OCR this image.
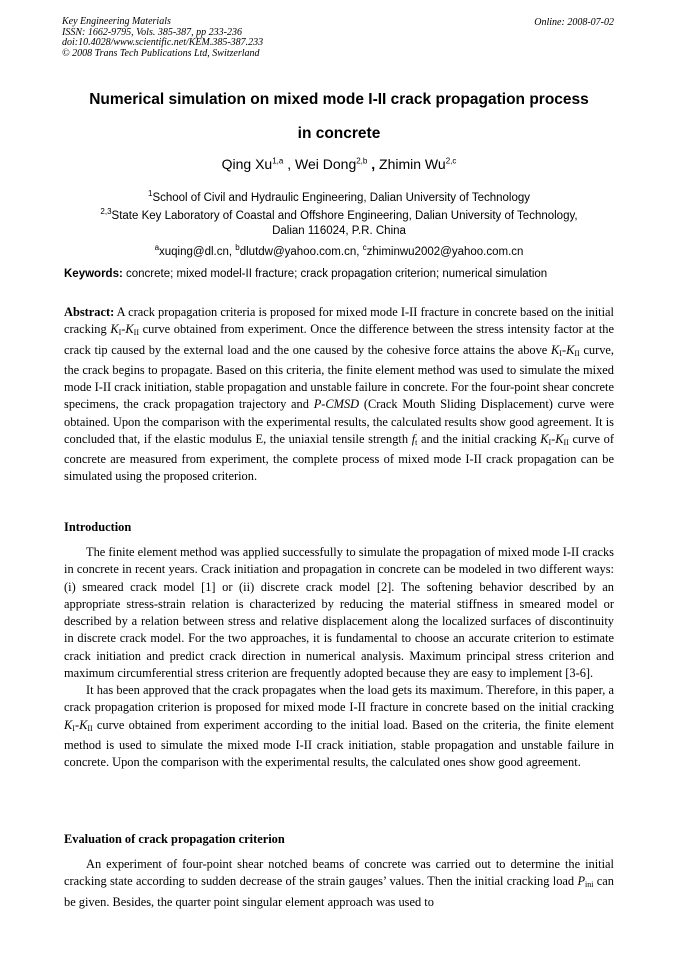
Key Engineering Materials
ISSN: 1662-9795, Vols. 385-387, pp 233-236
doi:10.4028/www.scientific.net/KEM.385-387.233
© 2008 Trans Tech Publications Ltd, Switzerland
Online: 2008-07-02
Numerical simulation on mixed mode I-II crack propagation process
in concrete
Qing Xu$^{1,a}$ , Wei Dong$^{2,b}$ , Zhimin Wu$^{2,c}$
$^1$School of Civil and Hydraulic Engineering, Dalian University of Technology
$^{2,3}$State Key Laboratory of Coastal and Offshore Engineering, Dalian University of Technology,
Dalian 116024, P.R. China
$^a$xuqing@dl.cn, $^b$dlutdw@yahoo.com.cn, $^c$zhiminwu2002@yahoo.com.cn
Keywords: concrete; mixed model-II fracture; crack propagation criterion; numerical simulation
Abstract: A crack propagation criteria is proposed for mixed mode I-II fracture in concrete based on the initial cracking $K_I-K_{II}$ curve obtained from experiment. Once the difference between the stress intensity factor at the crack tip caused by the external load and the one caused by the cohesive force attains the above $K_I-K_{II}$ curve, the crack begins to propagate. Based on this criteria, the finite element method was used to simulate the mixed mode I-II crack initiation, stable propagation and unstable failure in concrete. For the four-point shear concrete specimens, the crack propagation trajectory and P-CMSD (Crack Mouth Sliding Displacement) curve were obtained. Upon the comparison with the experimental results, the calculated results show good agreement. It is concluded that, if the elastic modulus E, the uniaxial tensile strength $f_t$ and the initial cracking $K_I-K_{II}$ curve of concrete are measured from experiment, the complete process of mixed mode I-II crack propagation can be simulated using the proposed criterion.
Introduction
The finite element method was applied successfully to simulate the propagation of mixed mode I-II cracks in concrete in recent years. Crack initiation and propagation in concrete can be modeled in two different ways: (i) smeared crack model [1] or (ii) discrete crack model [2]. The softening behavior described by an appropriate stress-strain relation is characterized by reducing the material stiffness in smeared model or described by a relation between stress and relative displacement along the localized surfaces of discontinuity in discrete crack model. For the two approaches, it is fundamental to choose an accurate criterion to estimate crack initiation and predict crack direction in numerical analysis. Maximum principal stress criterion and maximum circumferential stress criterion are frequently adopted because they are easy to implement [3-6].
It has been approved that the crack propagates when the load gets its maximum. Therefore, in this paper, a crack propagation criterion is proposed for mixed mode I-II fracture in concrete based on the initial cracking $K_I-K_{II}$ curve obtained from experiment according to the initial load. Based on the criteria, the finite element method is used to simulate the mixed mode I-II crack initiation, stable propagation and unstable failure in concrete. Upon the comparison with the experimental results, the calculated ones show good agreement.
Evaluation of crack propagation criterion
An experiment of four-point shear notched beams of concrete was carried out to determine the initial cracking state according to sudden decrease of the strain gauges’ values. Then the initial cracking load $P_{ini}$ can be given. Besides, the quarter point singular element approach was used to
